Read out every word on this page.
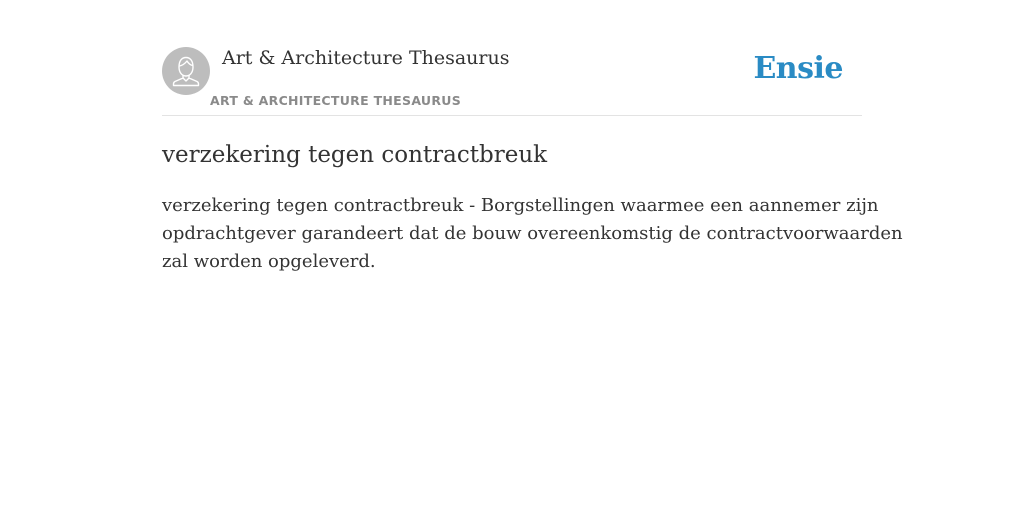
Art & Architecture Thesaurus
ART & ARCHITECTURE THESAURUS
Ensie
verzekering tegen contractbreuk
verzekering tegen contractbreuk - Borgstellingen waarmee een aannemer zijn
opdrachtgever garandeert dat de bouw overeenkomstig de contractvoorwaarden
zal worden opgeleverd.
